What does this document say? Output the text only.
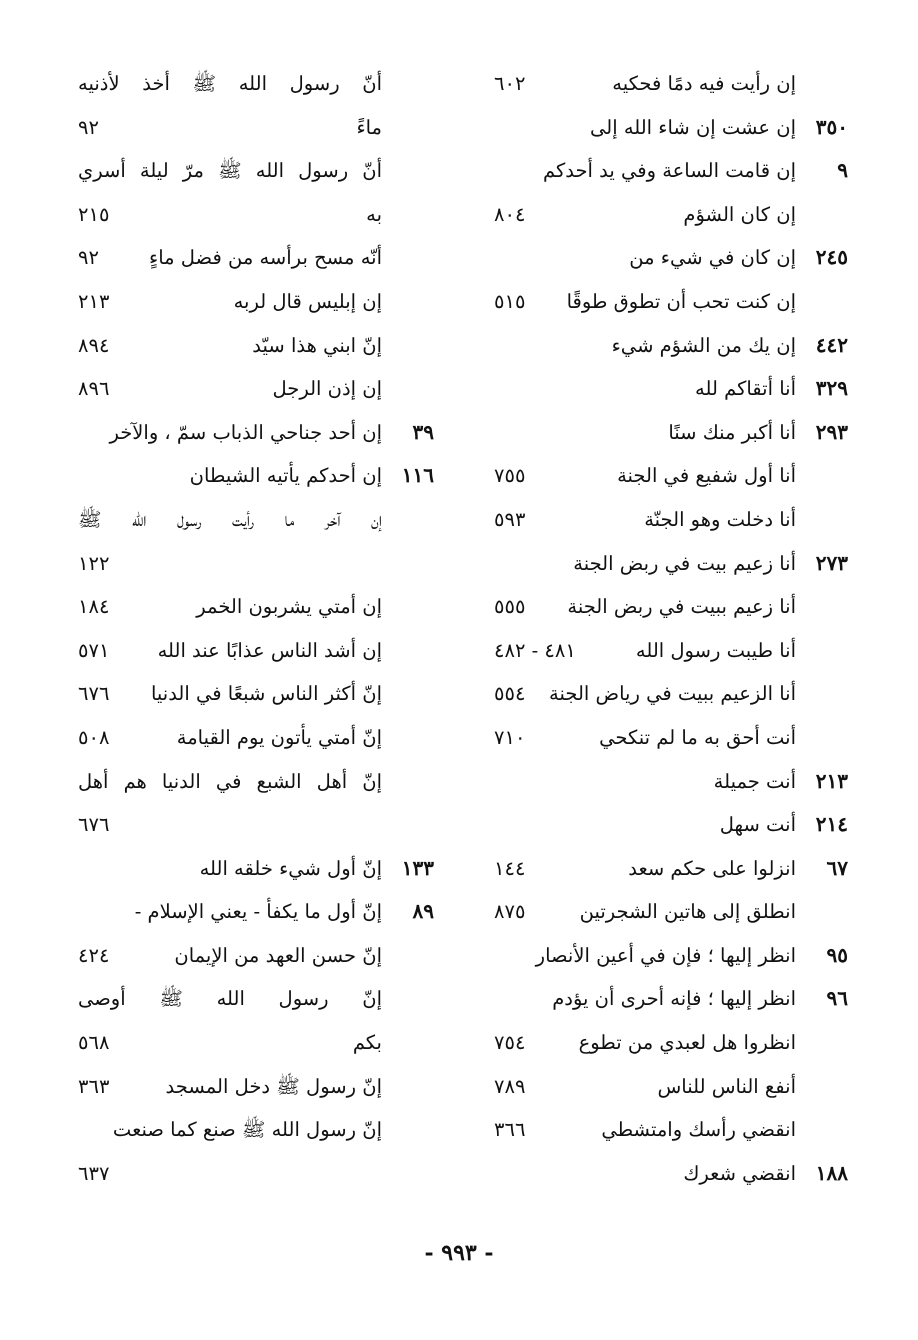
إن رأيت فيه دمًا فحكيه
٦٠٢
٣٥٠
إن عشت إن شاء الله إلى
٩
إن قامت الساعة وفي يد أحدكم
إن كان الشؤم
٨٠٤
٢٤٥
إن كان في شيء من
إن كنت تحب أن تطوق طوقًا
٥١٥
٤٤٢
إن يك من الشؤم شيء
٣٢٩
أنا أتقاكم لله
٢٩٣
أنا أكبر منك سنًا
أنا أول شفيع في الجنة
٧٥٥
أنا دخلت وهو الجنّة
٥٩٣
٢٧٣
أنا زعيم بيت في ربض الجنة
أنا زعيم ببيت في ربض الجنة
٥٥٥
أنا طيبت رسول الله
٤٨١ - ٤٨٢
أنا الزعيم ببيت في رياض الجنة
٥٥٤
أنت أحق به ما لم تنكحي
٧١٠
٢١٣
أنت جميلة
٢١٤
أنت سهل
٦٧
انزلوا على حكم سعد
١٤٤
انطلق إلى هاتين الشجرتين
٨٧٥
٩٥
انظر إليها ؛ فإن في أعين الأنصار
٩٦
انظر إليها ؛ فإنه أحرى أن يؤدم
انظروا هل لعبدي من تطوع
٧٥٤
أنفع الناس للناس
٧٨٩
انقضي رأسك وامتشطي
٣٦٦
١٨٨
انقضي شعرك
أنّ رسول الله ﷺ أخذ لأذنيه
ماءً
٩٢
أنّ رسول الله ﷺ مرّ ليلة أسري
به
٢١٥
أنّه مسح برأسه من فضل ماءٍ
٩٢
إن إبليس قال لربه
٢١٣
إنّ ابني هذا سيّد
٨٩٤
إن إذن الرجل
٨٩٦
٣٩
إن أحد جناحي الذباب سمّ ، والآخر
١١٦
إن أحدكم يأتيه الشيطان
إن آخر ما رأيت رسول الله ﷺ
١٢٢
إن أمتي يشربون الخمر
١٨٤
إن أشد الناس عذابًا عند الله
٥٧١
إنّ أكثر الناس شبعًا في الدنيا
٦٧٦
إنّ أمتي يأتون يوم القيامة
٥٠٨
إنّ أهل الشبع في الدنيا هم أهل
٦٧٦
١٣٣
إنّ أول شيء خلقه الله
٨٩
إنّ أول ما يكفأ - يعني الإسلام -
إنّ حسن العهد من الإيمان
٤٢٤
إنّ رسول الله ﷺ أوصى
بكم
٥٦٨
إنّ رسول ﷺ دخل المسجد
٣٦٣
إنّ رسول الله ﷺ صنع كما صنعت
٦٣٧
- ٩٩٣ -
